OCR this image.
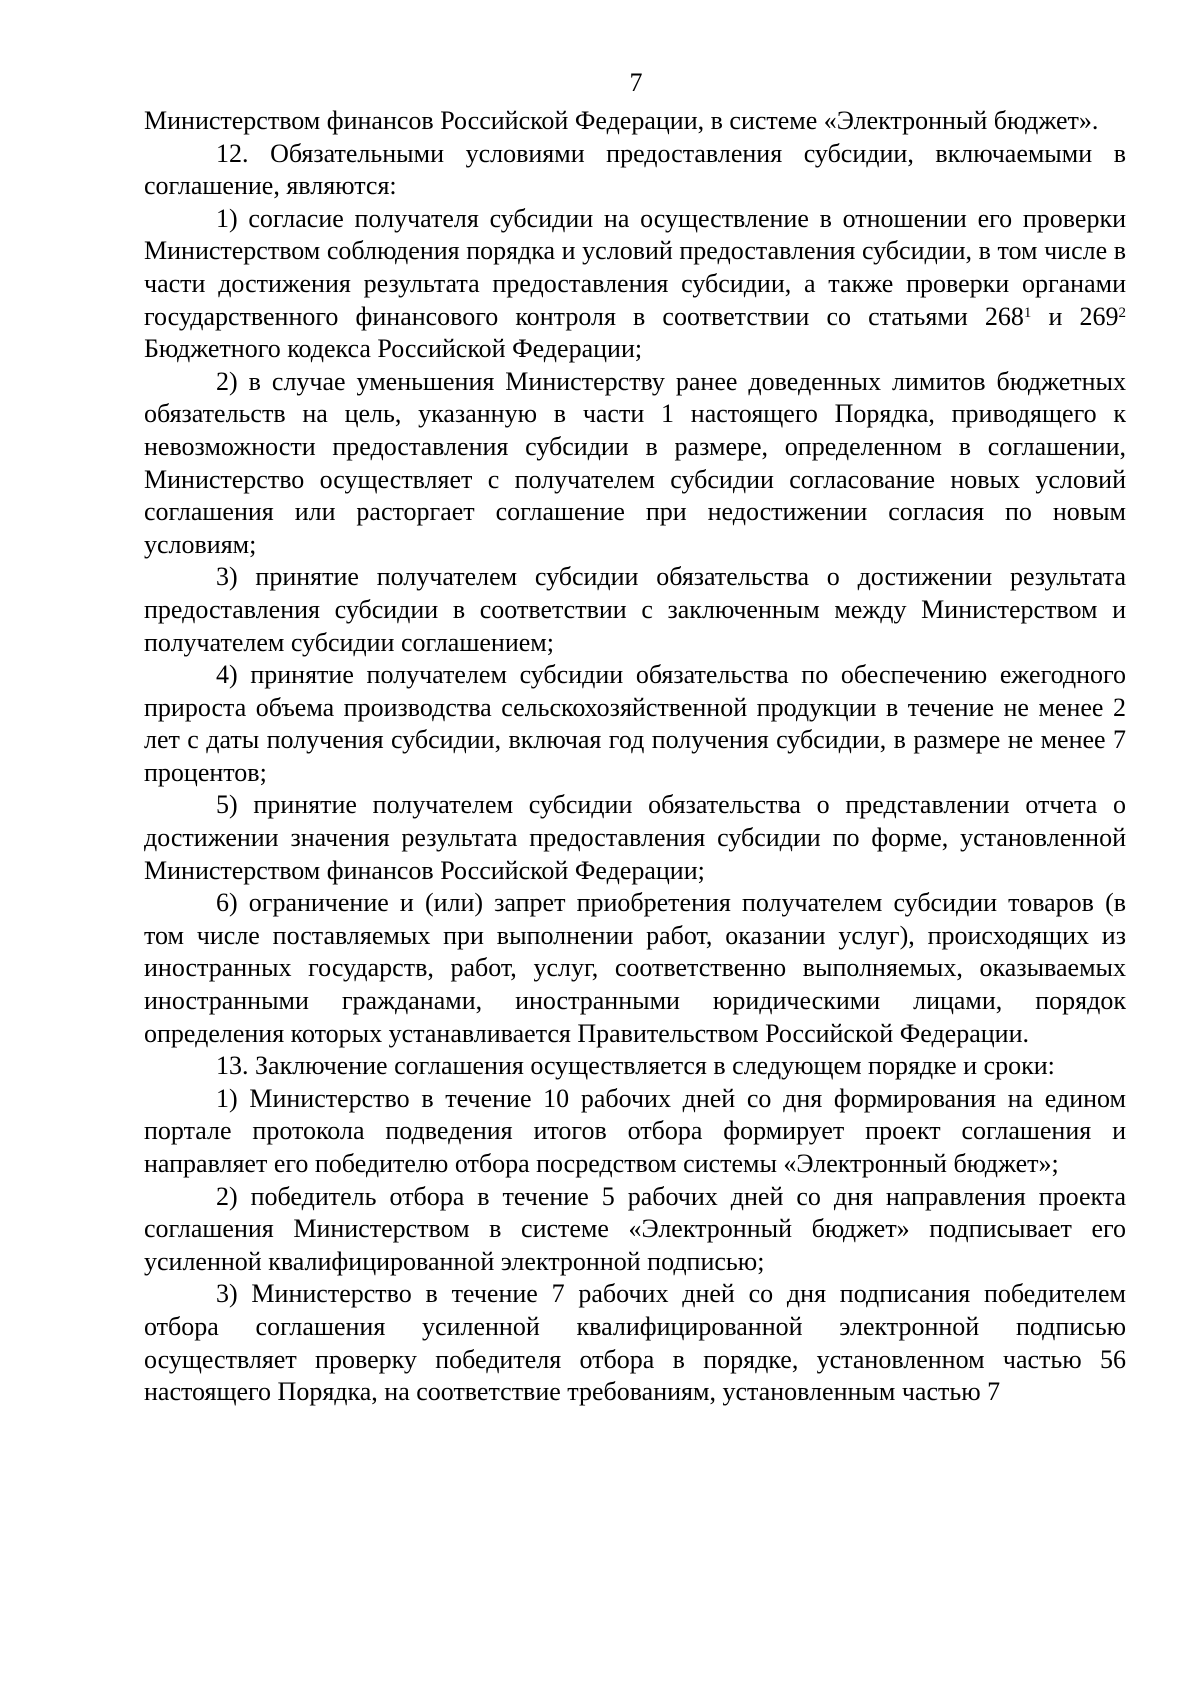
7

Министерством финансов Российской Федерации, в системе «Электронный бюджет».

12. Обязательными условиями предоставления субсидии, включаемыми в соглашение, являются:

1) согласие получателя субсидии на осуществление в отношении его проверки Министерством соблюдения порядка и условий предоставления субсидии, в том числе в части достижения результата предоставления субсидии, а также проверки органами государственного финансового контроля в соответствии со статьями $268^1$ и $269^2$ Бюджетного кодекса Российской Федерации;

2) в случае уменьшения Министерству ранее доведенных лимитов бюджетных обязательств на цель, указанную в части 1 настоящего Порядка, приводящего к невозможности предоставления субсидии в размере, определенном в соглашении, Министерство осуществляет с получателем субсидии согласование новых условий соглашения или расторгает соглашение при недостижении согласия по новым условиям;

3) принятие получателем субсидии обязательства о достижении результата предоставления субсидии в соответствии с заключенным между Министерством и получателем субсидии соглашением;

4) принятие получателем субсидии обязательства по обеспечению ежегодного прироста объема производства сельскохозяйственной продукции в течение не менее 2 лет с даты получения субсидии, включая год получения субсидии, в размере не менее 7 процентов;

5) принятие получателем субсидии обязательства о представлении отчета о достижении значения результата предоставления субсидии по форме, установленной Министерством финансов Российской Федерации;

6) ограничение и (или) запрет приобретения получателем субсидии товаров (в том числе поставляемых при выполнении работ, оказании услуг), происходящих из иностранных государств, работ, услуг, соответственно выполняемых, оказываемых иностранными гражданами, иностранными юридическими лицами, порядок определения которых устанавливается Правительством Российской Федерации.

13. Заключение соглашения осуществляется в следующем порядке и сроки:

1) Министерство в течение 10 рабочих дней со дня формирования на едином портале протокола подведения итогов отбора формирует проект соглашения и направляет его победителю отбора посредством системы «Электронный бюджет»;

2) победитель отбора в течение 5 рабочих дней со дня направления проекта соглашения Министерством в системе «Электронный бюджет» подписывает его усиленной квалифицированной электронной подписью;

3) Министерство в течение 7 рабочих дней со дня подписания победителем отбора соглашения усиленной квалифицированной электронной подписью осуществляет проверку победителя отбора в порядке, установленном частью 56 настоящего Порядка, на соответствие требованиям, установленным частью 7
